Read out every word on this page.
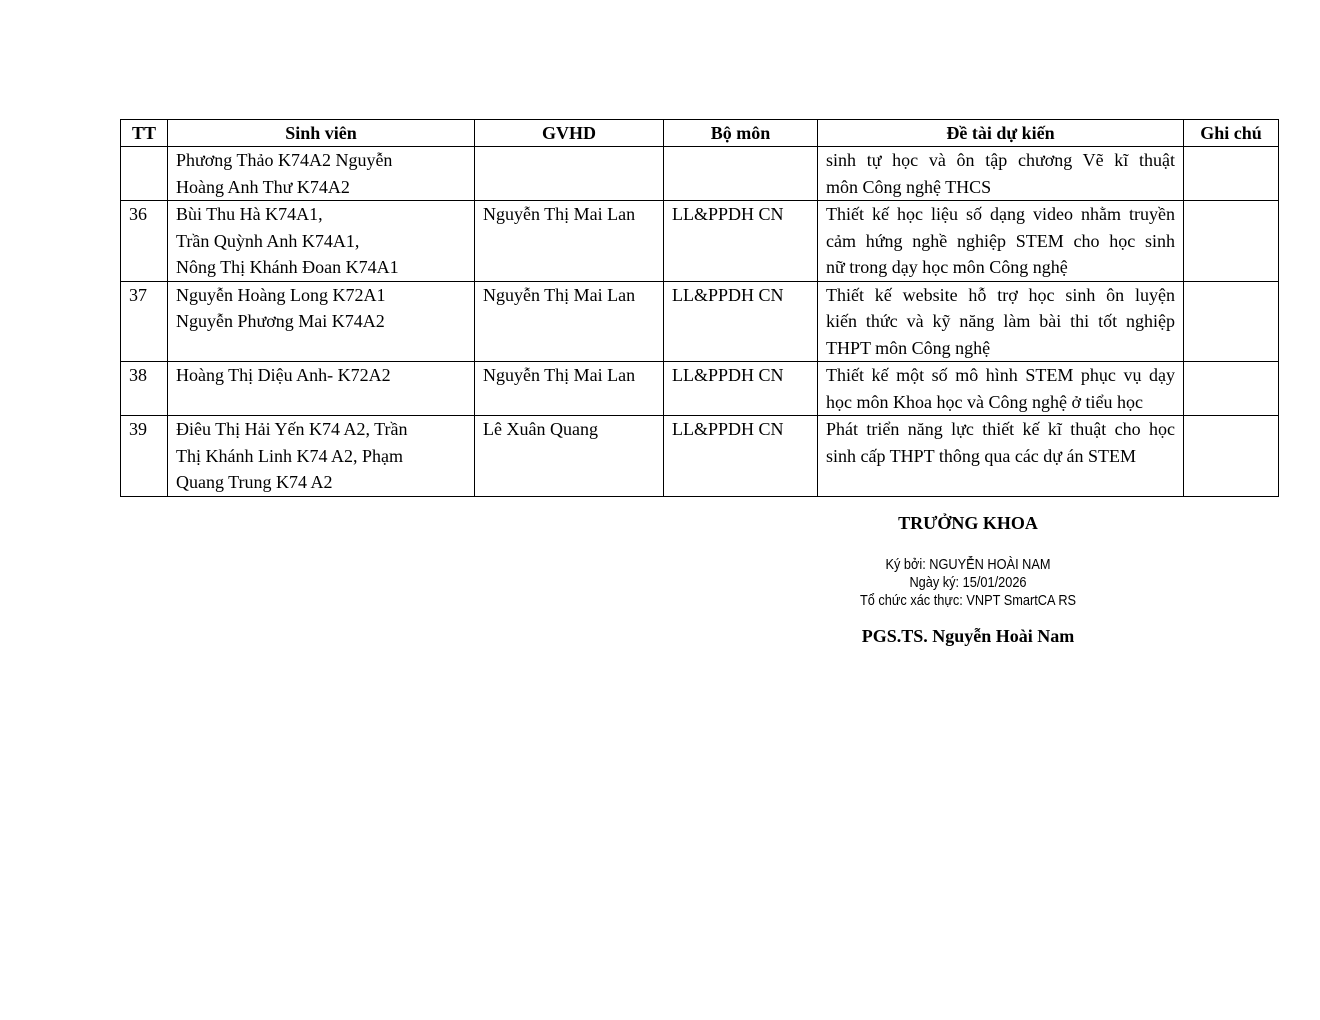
TT	Sinh viên	GVHD	Bộ môn	Đề tài dự kiến	Ghi chú

	Phương Thảo K74A2 Nguyễn
Hoàng Anh Thư K74A2			sinh tự học và ôn tập chương Vẽ kĩ thuật
môn Công nghệ THCS	

36	Bùi Thu Hà K74A1,
Trần Quỳnh Anh K74A1,
Nông Thị Khánh Đoan K74A1	Nguyễn Thị Mai Lan	LL&PPDH CN	Thiết kế học liệu số dạng video nhằm truyền
cảm hứng nghề nghiệp STEM cho học sinh
nữ trong dạy học môn Công nghệ	

37	Nguyễn Hoàng Long K72A1
Nguyễn Phương Mai K74A2	Nguyễn Thị Mai Lan	LL&PPDH CN	Thiết kế website hỗ trợ học sinh ôn luyện
kiến thức và kỹ năng làm bài thi tốt nghiệp
THPT môn Công nghệ	

38	Hoàng Thị Diệu Anh- K72A2	Nguyễn Thị Mai Lan	LL&PPDH CN	Thiết kế một số mô hình STEM phục vụ dạy
học môn Khoa học và Công nghệ ở tiểu học	

39	Điêu Thị Hải Yến K74 A2, Trần
Thị Khánh Linh K74 A2, Phạm
Quang Trung K74 A2	Lê Xuân Quang	LL&PPDH CN	Phát triển năng lực thiết kế kĩ thuật cho học
sinh cấp THPT thông qua các dự án STEM	

TRƯỞNG KHOA
Ký bởi: NGUYỄN HOÀI NAM
Ngày ký: 15/01/2026
Tổ chức xác thực: VNPT SmartCA RS
PGS.TS. Nguyễn Hoài Nam
